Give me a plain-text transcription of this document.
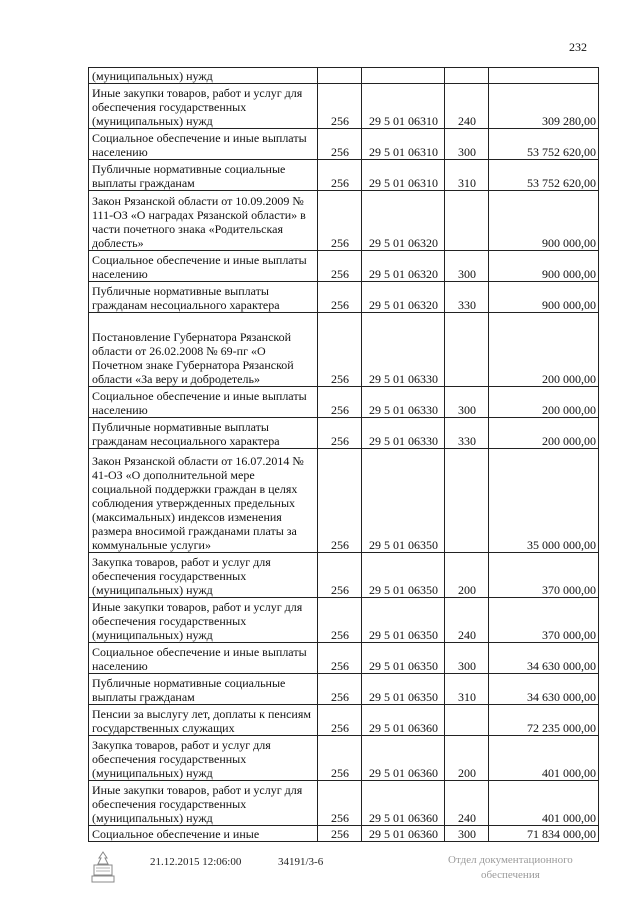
232
(муниципальных) нужд				
Иные закупки товаров, работ и услуг для обеспечения государственных (муниципальных) нужд	256	29 5 01 06310	240	309 280,00
Социальное обеспечение и иные выплаты населению	256	29 5 01 06310	300	53 752 620,00
Публичные нормативные социальные выплаты гражданам	256	29 5 01 06310	310	53 752 620,00
Закон Рязанской области от 10.09.2009 № 111-ОЗ «О наградах Рязанской области» в части почетного знака «Родительская доблесть»	256	29 5 01 06320		900 000,00
Социальное обеспечение и иные выплаты населению	256	29 5 01 06320	300	900 000,00
Публичные нормативные выплаты гражданам несоциального характера	256	29 5 01 06320	330	900 000,00
Постановление Губернатора Рязанской области от 26.02.2008 № 69-пг «О Почетном знаке Губернатора Рязанской области «За веру и добродетель»	256	29 5 01 06330		200 000,00
Социальное обеспечение и иные выплаты населению	256	29 5 01 06330	300	200 000,00
Публичные нормативные выплаты гражданам несоциального характера	256	29 5 01 06330	330	200 000,00
Закон Рязанской области от 16.07.2014 № 41-ОЗ «О дополнительной мере социальной поддержки граждан в целях соблюдения утвержденных предельных (максимальных) индексов изменения размера вносимой гражданами платы за коммунальные услуги»	256	29 5 01 06350		35 000 000,00
Закупка товаров, работ и услуг для обеспечения государственных (муниципальных) нужд	256	29 5 01 06350	200	370 000,00
Иные закупки товаров, работ и услуг для обеспечения государственных (муниципальных) нужд	256	29 5 01 06350	240	370 000,00
Социальное обеспечение и иные выплаты населению	256	29 5 01 06350	300	34 630 000,00
Публичные нормативные социальные выплаты гражданам	256	29 5 01 06350	310	34 630 000,00
Пенсии за выслугу лет, доплаты к пенсиям государственных служащих	256	29 5 01 06360		72 235 000,00
Закупка товаров, работ и услуг для обеспечения государственных (муниципальных) нужд	256	29 5 01 06360	200	401 000,00
Иные закупки товаров, работ и услуг для обеспечения государственных (муниципальных) нужд	256	29 5 01 06360	240	401 000,00
Социальное обеспечение и иные	256	29 5 01 06360	300	71 834 000,00
21.12.2015 12:06:00	34191/3-6	Отдел документационного
обеспечения
